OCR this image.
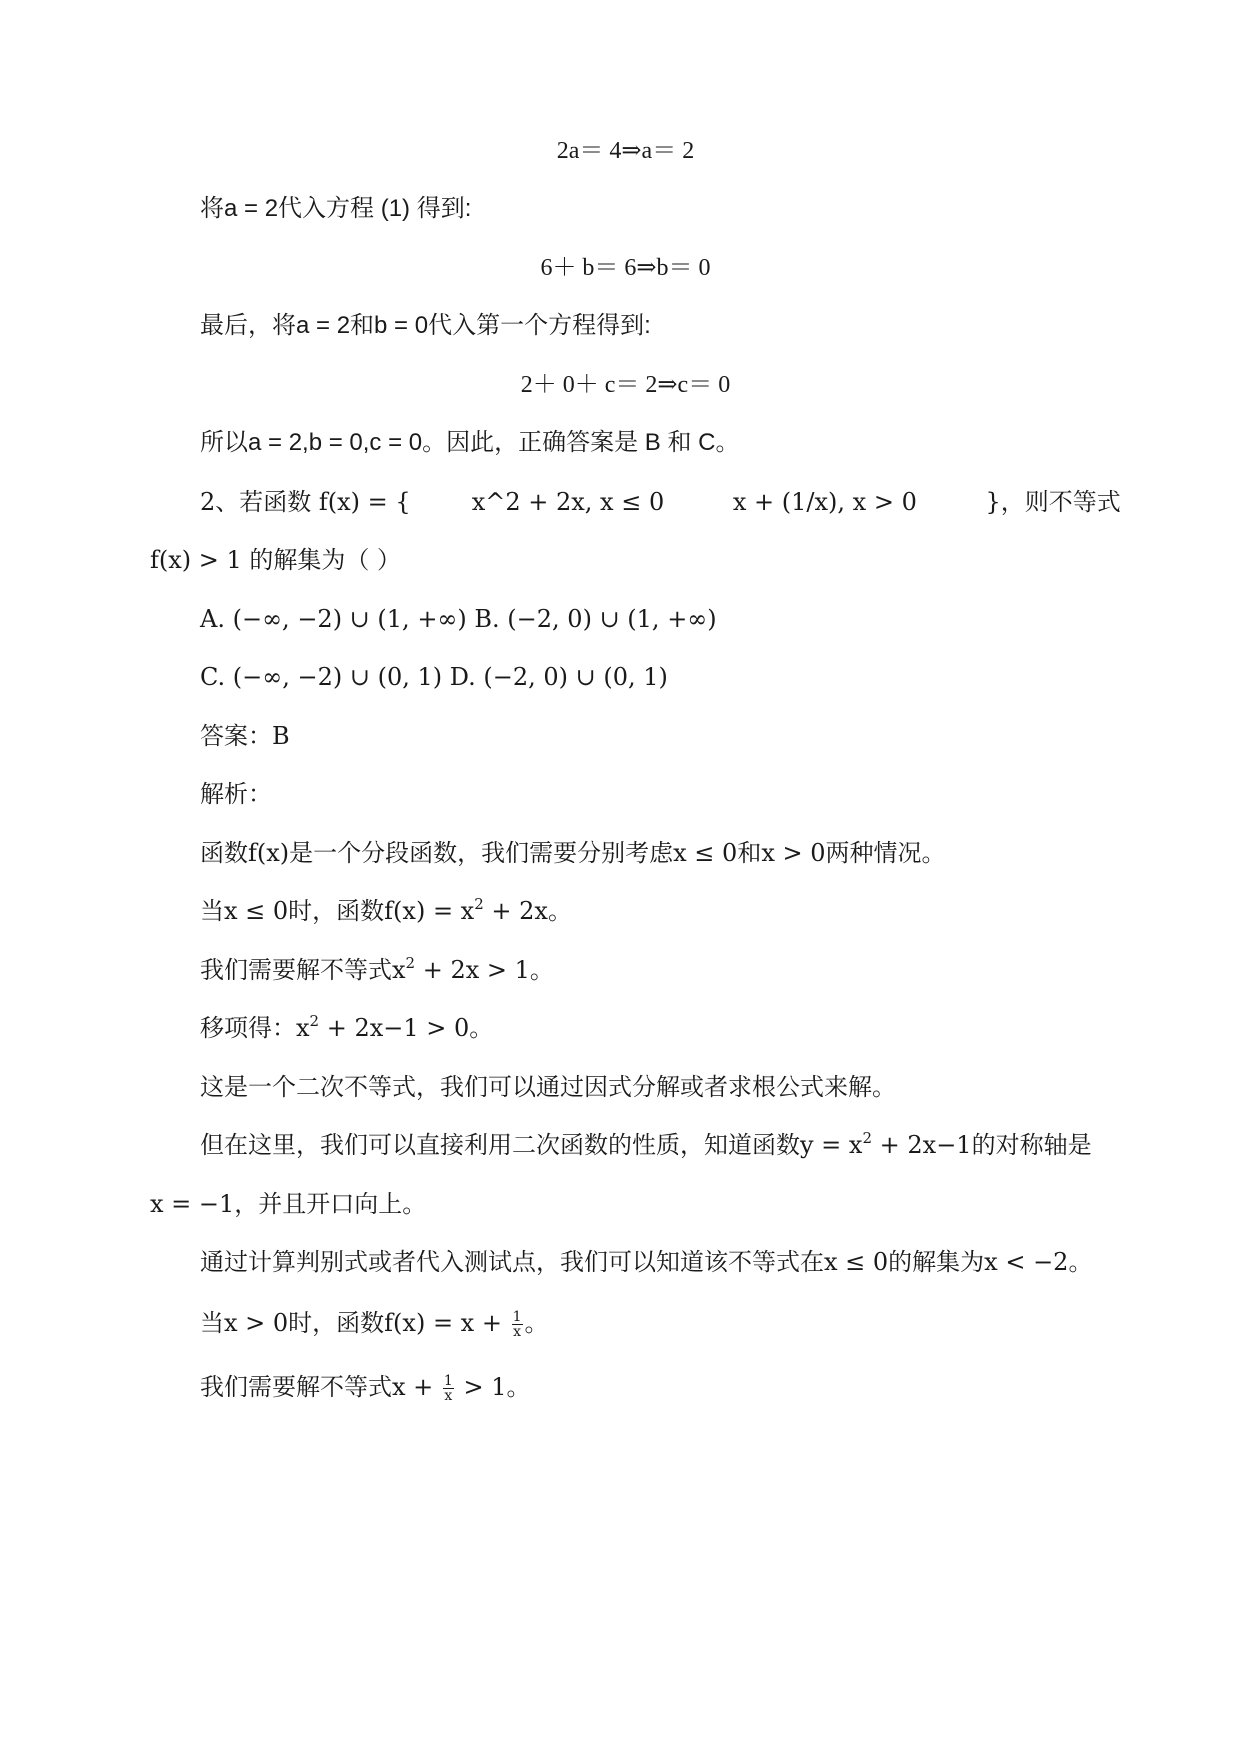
2a＝ 4⇒a＝ 2
将a = 2代入方程 (1) 得到:
6＋ b＝ 6⇒b＝ 0
最后，将a = 2和b = 0代入第一个方程得到:
2＋ 0＋ c＝ 2⇒c＝ 0
所以a = 2,b = 0,c = 0。因此，正确答案是 B 和 C。
2、若函数 f(x) = {        x^2 + 2x, x ≤ 0         x + (1/x), x > 0         }，则不等式
f(x) > 1 的解集为（ ）
A. (−∞, −2) ∪ (1, +∞) B. (−2, 0) ∪ (1, +∞)
C. (−∞, −2) ∪ (0, 1) D. (−2, 0) ∪ (0, 1)
答案：B
解析：
函数f(x)是一个分段函数，我们需要分别考虑x ≤ 0和x > 0两种情况。
当x ≤ 0时，函数$f(x) = x^2 + 2x$。
我们需要解不等式$x^2 + 2x > 1$。
移项得：$x^2 + 2x-1 > 0$。
这是一个二次不等式，我们可以通过因式分解或者求根公式来解。
但在这里，我们可以直接利用二次函数的性质，知道函数$y = x^2 + 2x-1$的对称轴是
x = −1，并且开口向上。
通过计算判别式或者代入测试点，我们可以知道该不等式在x ≤ 0的解集为x < −2。
当x > 0时，函数$f(x) = x + \frac{1}{x}$ 。
我们需要解不等式$x + \frac{1}{x} > 1$。
